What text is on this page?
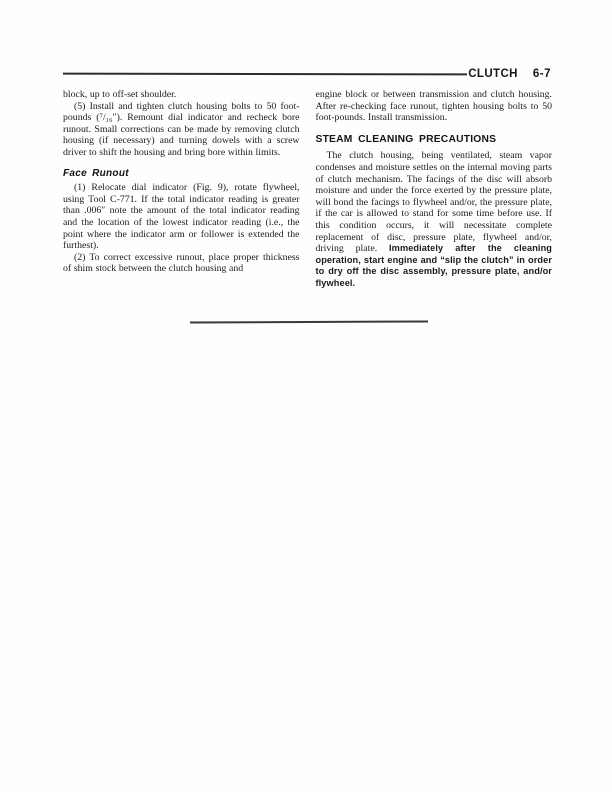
CLUTCH 6-7

block, up to off-set shoulder.

(5) Install and tighten clutch housing bolts to 50 foot-pounds (⁷/₁₆″). Remount dial indicator and recheck bore runout. Small corrections can be made by removing clutch housing (if necessary) and turning dowels with a screw driver to shift the housing and bring bore within limits.

Face Runout

(1) Relocate dial indicator (Fig. 9), rotate flywheel, using Tool C-771. If the total indicator reading is greater than .006″ note the amount of the total indicator reading and the location of the lowest indicator reading (i.e., the point where the indicator arm or follower is extended the furthest).

(2) To correct excessive runout, place proper thickness of shim stock between the clutch housing and

engine block or between transmission and clutch housing. After re-checking face runout, tighten housing bolts to 50 foot-pounds. Install transmission.

STEAM CLEANING PRECAUTIONS

The clutch housing, being ventilated, steam vapor condenses and moisture settles on the internal moving parts of clutch mechanism. The facings of the disc will absorb moisture and under the force exerted by the pressure plate, will bond the facings to flywheel and/or, the pressure plate, if the car is allowed to stand for some time before use. If this condition occurs, it will necessitate complete replacement of disc, pressure plate, flywheel and/or, driving plate. Immediately after the cleaning operation, start engine and “slip the clutch” in order to dry off the disc assembly, pressure plate, and/or flywheel.
